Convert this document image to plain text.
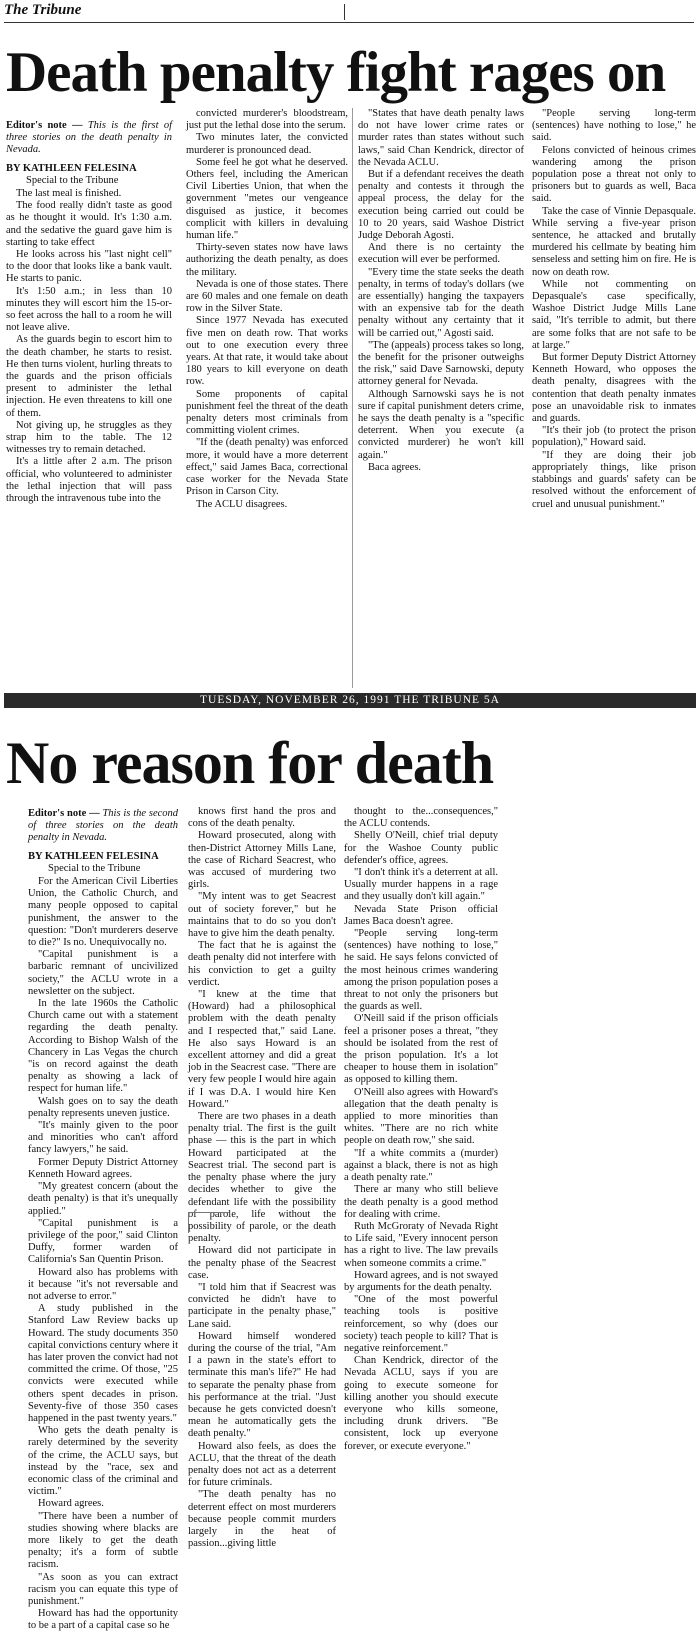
The Tribune
Death penalty fight rages on

Editor's note — This is the first of three stories on the death penalty in Nevada.

BY KATHLEEN FELESINA

Special to the Tribune

The last meal is finished.

The food really didn't taste as good as he thought it would. It's 1:30 a.m. and the sedative the guard gave him is starting to take effect

He looks across his "last night cell" to the door that looks like a bank vault. He starts to panic.

It's 1:50 a.m.; in less than 10 minutes they will escort him the 15-or-so feet across the hall to a room he will not leave alive.

As the guards begin to escort him to the death chamber, he starts to resist. He then turns violent, hurling threats to the guards and the prison officials present to administer the lethal injection. He even threatens to kill one of them.

Not giving up, he struggles as they strap him to the table. The 12 witnesses try to remain detached.

It's a little after 2 a.m. The prison official, who volunteered to administer the lethal injection that will pass through the intravenous tube into the

convicted murderer's bloodstream, just put the lethal dose into the serum.

Two minutes later, the convicted murderer is pronounced dead.

Some feel he got what he deserved. Others feel, including the American Civil Liberties Union, that when the government "metes our vengeance disguised as justice, it becomes complicit with killers in devaluing human life."

Thirty-seven states now have laws authorizing the death penalty, as does the military.

Nevada is one of those states. There are 60 males and one female on death row in the Silver State.

Since 1977 Nevada has executed five men on death row. That works out to one execution every three years. At that rate, it would take about 180 years to kill everyone on death row.

Some proponents of capital punishment feel the threat of the death penalty deters most criminals from committing violent crimes.

"If the (death penalty) was enforced more, it would have a more deterrent effect," said James Baca, correctional case worker for the Nevada State Prison in Carson City.

The ACLU disagrees.

"States that have death penalty laws do not have lower crime rates or murder rates than states without such laws," said Chan Kendrick, director of the Nevada ACLU.

But if a defendant receives the death penalty and contests it through the appeal process, the delay for the execution being carried out could be 10 to 20 years, said Washoe District Judge Deborah Agosti.

And there is no certainty the execution will ever be performed.

"Every time the state seeks the death penalty, in terms of today's dollars (we are essentially) hanging the taxpayers with an expensive tab for the death penalty without any certainty that it will be carried out," Agosti said.

"The (appeals) process takes so long, the benefit for the prisoner outweighs the risk," said Dave Sarnowski, deputy attorney general for Nevada.

Although Sarnowski says he is not sure if capital punishment deters crime, he says the death penalty is a "specific deterrent. When you execute (a convicted murderer) he won't kill again."

Baca agrees.

"People serving long-term (sentences) have nothing to lose," he said.

Felons convicted of heinous crimes wandering among the prison population pose a threat not only to prisoners but to guards as well, Baca said.

Take the case of Vinnie Depasquale. While serving a five-year prison sentence, he attacked and brutally murdered his cellmate by beating him senseless and setting him on fire. He is now on death row.

While not commenting on Depasquale's case specifically, Washoe District Judge Mills Lane said, "It's terrible to admit, but there are some folks that are not safe to be at large."

But former Deputy District Attorney Kenneth Howard, who opposes the death penalty, disagrees with the contention that death penalty inmates pose an unavoidable risk to inmates and guards.

"It's their job (to protect the prison population)," Howard said.

"If they are doing their job appropriately things, like prison stabbings and guards' safety can be resolved without the enforcement of cruel and unusual punishment."

TUESDAY, NOVEMBER 26, 1991 THE TRIBUNE 5A
No reason for death

Editor's note — This is the second of three stories on the death penalty in Nevada.

BY KATHLEEN FELESINA

Special to the Tribune

For the American Civil Liberties Union, the Catholic Church, and many people opposed to capital punishment, the answer to the question: "Don't murderers deserve to die?" Is no. Unequivocally no.

"Capital punishment is a barbaric remnant of uncivilized society," the ACLU wrote in a newsletter on the subject.

In the late 1960s the Catholic Church came out with a statement regarding the death penalty. According to Bishop Walsh of the Chancery in Las Vegas the church "is on record against the death penalty as showing a lack of respect for human life."

Walsh goes on to say the death penalty represents uneven justice.

"It's mainly given to the poor and minorities who can't afford fancy lawyers," he said.

Former Deputy District Attorney Kenneth Howard agrees.

"My greatest concern (about the death penalty) is that it's unequally applied."

"Capital punishment is a privilege of the poor," said Clinton Duffy, former warden of California's San Quentin Prison.

Howard also has problems with it because "it's not reversable and not adverse to error."

A study published in the Stanford Law Review backs up Howard. The study documents 350 capital convictions century where it has later proven the convict had not committed the crime. Of those, "25 convicts were executed while others spent decades in prison. Seventy-five of those 350 cases happened in the past twenty years."

Who gets the death penalty is rarely determined by the severity of the crime, the ACLU says, but instead by the "race, sex and economic class of the criminal and victim."

Howard agrees.

"There have been a number of studies showing where blacks are more likely to get the death penalty; it's a form of subtle racism.

"As soon as you can extract racism you can equate this type of punishment."

Howard has had the opportunity to be a part of a capital case so he

knows first hand the pros and cons of the death penalty.

Howard prosecuted, along with then-District Attorney Mills Lane, the case of Richard Seacrest, who was accused of murdering two girls.

"My intent was to get Seacrest out of society forever," but he maintains that to do so you don't have to give him the death penalty.

The fact that he is against the death penalty did not interfere with his conviction to get a guilty verdict.

"I knew at the time that (Howard) had a philosophical problem with the death penalty and I respected that," said Lane. He also says Howard is an excellent attorney and did a great job in the Seacrest case. "There are very few people I would hire again if I was D.A. I would hire Ken Howard."

There are two phases in a death penalty trial. The first is the guilt phase — this is the part in which Howard participated at the Seacrest trial. The second part is the penalty phase where the jury decides whether to give the defendant life with the possibility of parole, life without the possibility of parole, or the death penalty.

Howard did not participate in the penalty phase of the Seacrest case.

"I told him that if Seacrest was convicted he didn't have to participate in the penalty phase," Lane said.

Howard himself wondered during the course of the trial, "Am I a pawn in the state's effort to terminate this man's life?" He had to separate the penalty phase from his performance at the trial. "Just because he gets convicted doesn't mean he automatically gets the death penalty."

Howard also feels, as does the ACLU, that the threat of the death penalty does not act as a deterrent for future criminals.

"The death penalty has no deterrent effect on most murderers because people commit murders largely in the heat of passion...giving little

thought to the...consequences," the ACLU contends.

Shelly O'Neill, chief trial deputy for the Washoe County public defender's office, agrees.

"I don't think it's a deterrent at all. Usually murder happens in a rage and they usually don't kill again."

Nevada State Prison official James Baca doesn't agree.

"People serving long-term (sentences) have nothing to lose," he said. He says felons convicted of the most heinous crimes wandering among the prison population poses a threat to not only the prisoners but the guards as well.

O'Neill said if the prison officials feel a prisoner poses a threat, "they should be isolated from the rest of the prison population. It's a lot cheaper to house them in isolation" as opposed to killing them.

O'Neill also agrees with Howard's allegation that the death penalty is applied to more minorities than whites. "There are no rich white people on death row," she said.

"If a white commits a (murder) against a black, there is not as high a death penalty rate."

There ar many who still believe the death penalty is a good method for dealing with crime.

Ruth McGroraty of Nevada Right to Life said, "Every innocent person has a right to live. The law prevails when someone commits a crime."

Howard agrees, and is not swayed by arguments for the death penalty.

"One of the most powerful teaching tools is positive reinforcement, so why (does our society) teach people to kill? That is negative reinforcement."

Chan Kendrick, director of the Nevada ACLU, says if you are going to execute someone for killing another you should execute everyone who kills someone, including drunk drivers. "Be consistent, lock up everyone forever, or execute everyone."
